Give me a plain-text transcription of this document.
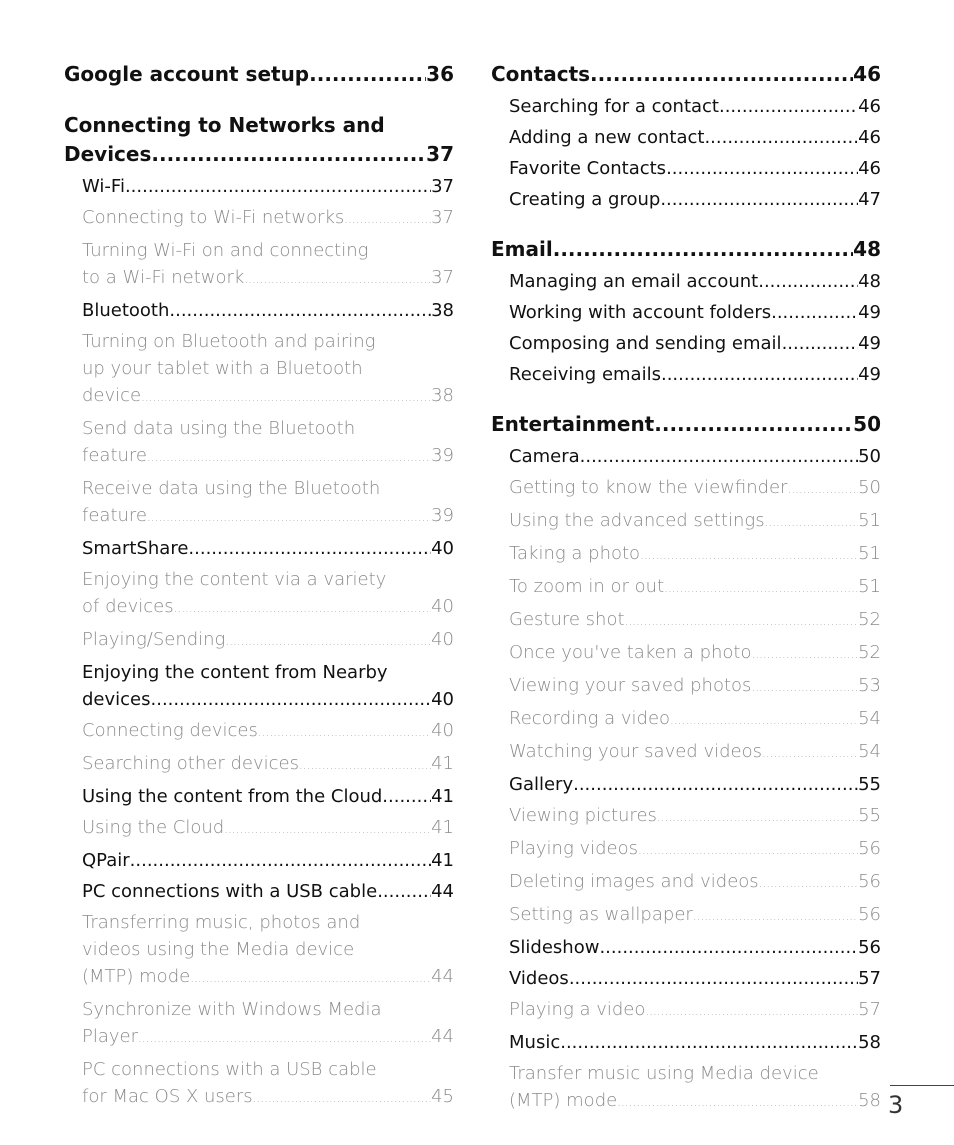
Google account setup .....	36
Connecting to Networks and
Devices .....	37
Wi-Fi .....	37
Connecting to Wi-Fi networks .....	37
Turning Wi-Fi on and connecting
to a Wi-Fi network .....	37
Bluetooth .....	38
Turning on Bluetooth and pairing
up your tablet with a Bluetooth
device .....	38
Send data using the Bluetooth
feature .....	39
Receive data using the Bluetooth
feature .....	39
SmartShare .....	40
Enjoying the content via a variety
of devices .....	40
Playing/Sending .....	40
Enjoying the content from Nearby
devices .....	40
Connecting devices .....	40
Searching other devices .....	41
Using the content from the Cloud .....	41
Using the Cloud .....	41
QPair .....	41
PC connections with a USB cable .....	44
Transferring music, photos and
videos using the Media device
(MTP) mode .....	44
Synchronize with Windows Media
Player .....	44
PC connections with a USB cable
for Mac OS X users .....	45
Contacts .....	46
Searching for a contact .....	46
Adding a new contact .....	46
Favorite Contacts .....	46
Creating a group .....	47
Email .....	48
Managing an email account .....	48
Working with account folders .....	49
Composing and sending email .....	49
Receiving emails .....	49
Entertainment .....	50
Camera .....	50
Getting to know the viewfinder .....	50
Using the advanced settings .....	51
Taking a photo .....	51
To zoom in or out .....	51
Gesture shot .....	52
Once you've taken a photo .....	52
Viewing your saved photos .....	53
Recording a video .....	54
Watching your saved videos .....	54
Gallery .....	55
Viewing pictures .....	55
Playing videos .....	56
Deleting images and videos .....	56
Setting as wallpaper .....	56
Slideshow .....	56
Videos .....	57
Playing a video .....	57
Music .....	58
Transfer music using Media device
(MTP) mode .....	58 3
